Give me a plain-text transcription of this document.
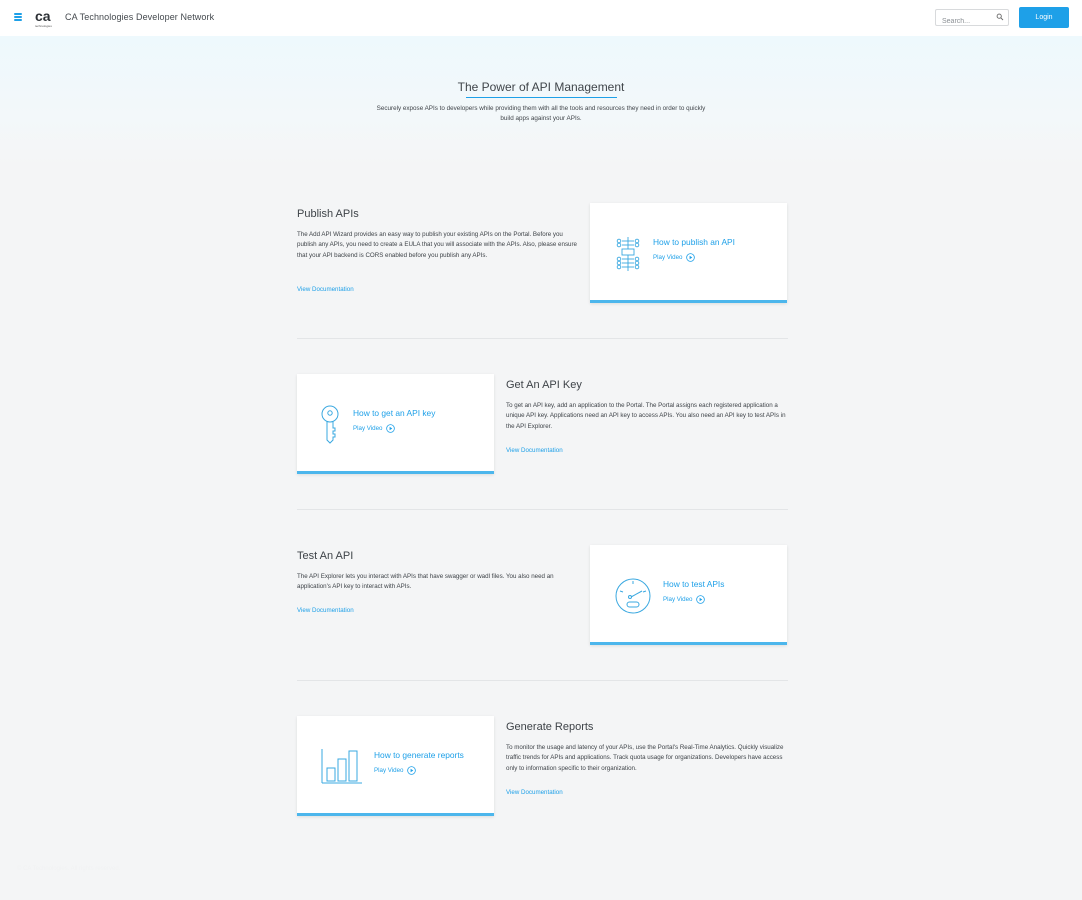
ca
technologies
CA Technologies Developer Network
Search...	Login
The Power of API Management
Securely expose APIs to developers while providing them with all the tools and resources they need in order to quickly build apps against your APIs.
Publish APIs
The Add API Wizard provides an easy way to publish your existing APIs on the Portal. Before you publish any APIs, you need to create a EULA that you will associate with the APIs. Also, please ensure that your API backend is CORS enabled before you publish any APIs.
View Documentation
How to publish an API
Play Video
How to get an API key
Play Video
Get An API Key
To get an API key, add an application to the Portal. The Portal assigns each registered application a unique API key. Applications need an API key to access APIs. You also need an API key to test APIs in the API Explorer.
View Documentation
Test An API
The API Explorer lets you interact with APIs that have swagger or wadl files. You also need an application's API key to interact with APIs.
View Documentation
How to test APIs
Play Video
How to generate reports
Play Video
Generate Reports
To monitor the usage and latency of your APIs, use the Portal's Real-Time Analytics. Quickly visualize traffic trends for APIs and applications. Track quota usage for organizations. Developers have access only to information specific to their organization.
View Documentation
© CA Technologies. All rights reserved.
